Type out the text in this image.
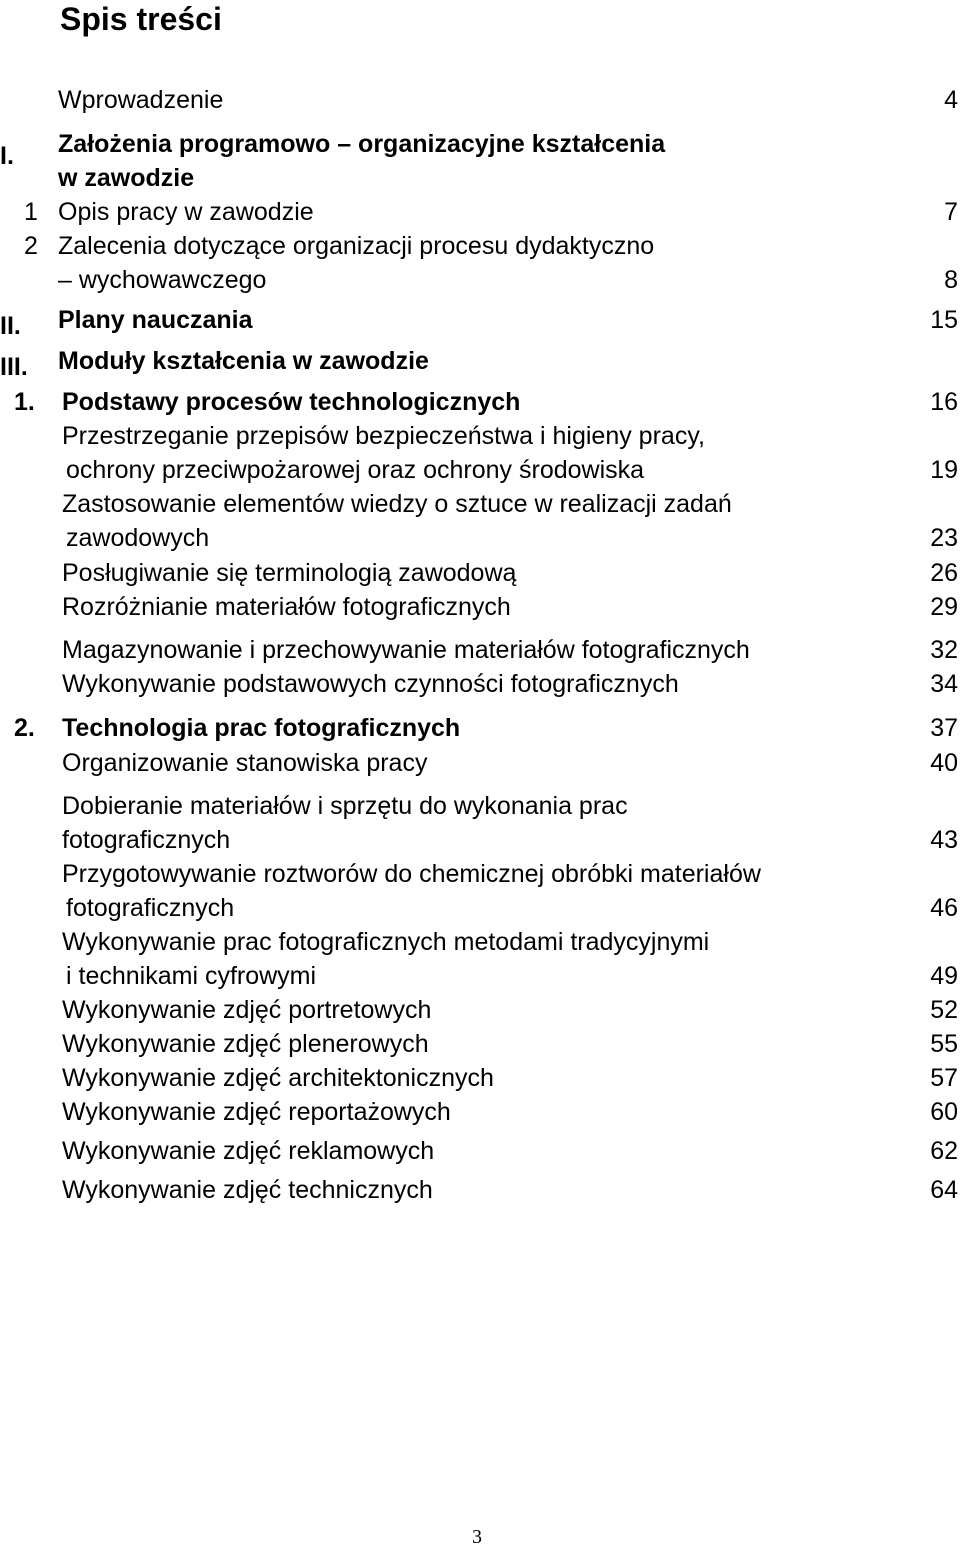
Spis treści
Wprowadzenie	4
I. Założenia programowo – organizacyjne kształcenia
w zawodzie
1 Opis pracy w zawodzie	7
2 Zalecenia dotyczące organizacji procesu dydaktyczno
– wychowawczego	8
II. Plany nauczania	15
III. Moduły kształcenia w zawodzie
1. Podstawy procesów technologicznych	16
Przestrzeganie przepisów bezpieczeństwa i higieny pracy,
ochrony przeciwpożarowej oraz ochrony środowiska	19
Zastosowanie elementów wiedzy o sztuce w realizacji zadań
zawodowych	23
Posługiwanie się terminologią zawodową	26
Rozróżnianie materiałów fotograficznych	29
Magazynowanie i przechowywanie materiałów fotograficznych	32
Wykonywanie podstawowych czynności fotograficznych	34
2. Technologia prac fotograficznych	37
Organizowanie stanowiska pracy	40
Dobieranie materiałów i sprzętu do wykonania prac
fotograficznych	43
Przygotowywanie roztworów do chemicznej obróbki materiałów
fotograficznych	46
Wykonywanie prac fotograficznych metodami tradycyjnymi
i technikami cyfrowymi	49
Wykonywanie zdjęć portretowych	52
Wykonywanie zdjęć plenerowych	55
Wykonywanie zdjęć architektonicznych	57
Wykonywanie zdjęć reportażowych	60
Wykonywanie zdjęć reklamowych	62
Wykonywanie zdjęć technicznych	64
3
